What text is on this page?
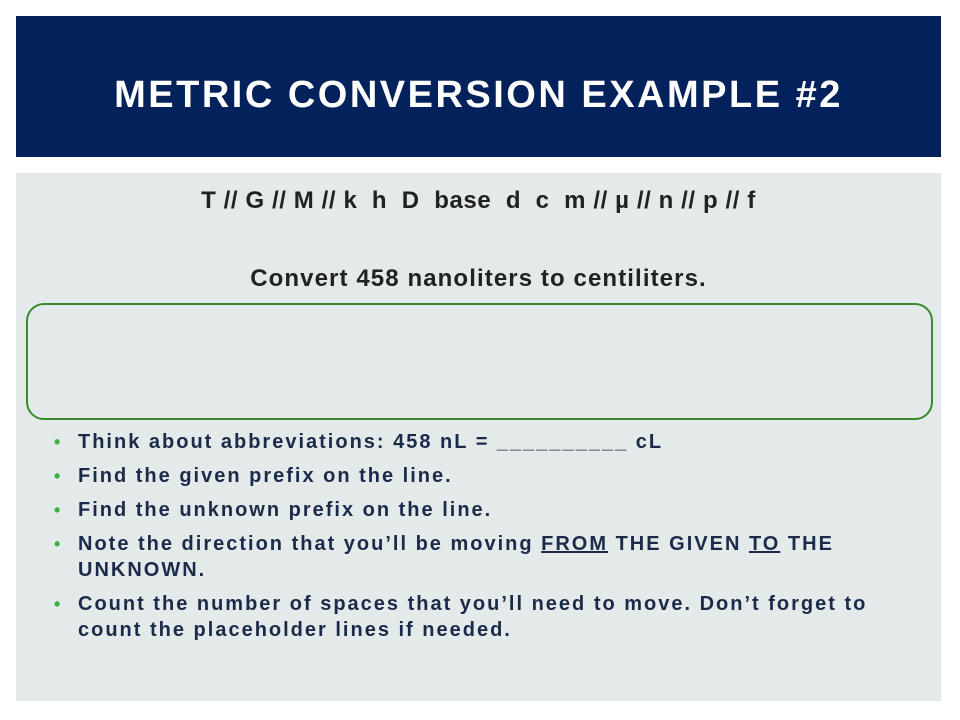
METRIC CONVERSION EXAMPLE #2
T // G // M // k  h  D  base  d  c  m // µ // n // p // f
Convert 458 nanoliters to centiliters.
• Think about abbreviations: 458 nL = __________ cL
• Find the given prefix on the line.
• Find the unknown prefix on the line.
• Note the direction that you’ll be moving FROM THE GIVEN TO THE UNKNOWN.
• Count the number of spaces that you’ll need to move. Don’t forget to count the placeholder lines if needed.
